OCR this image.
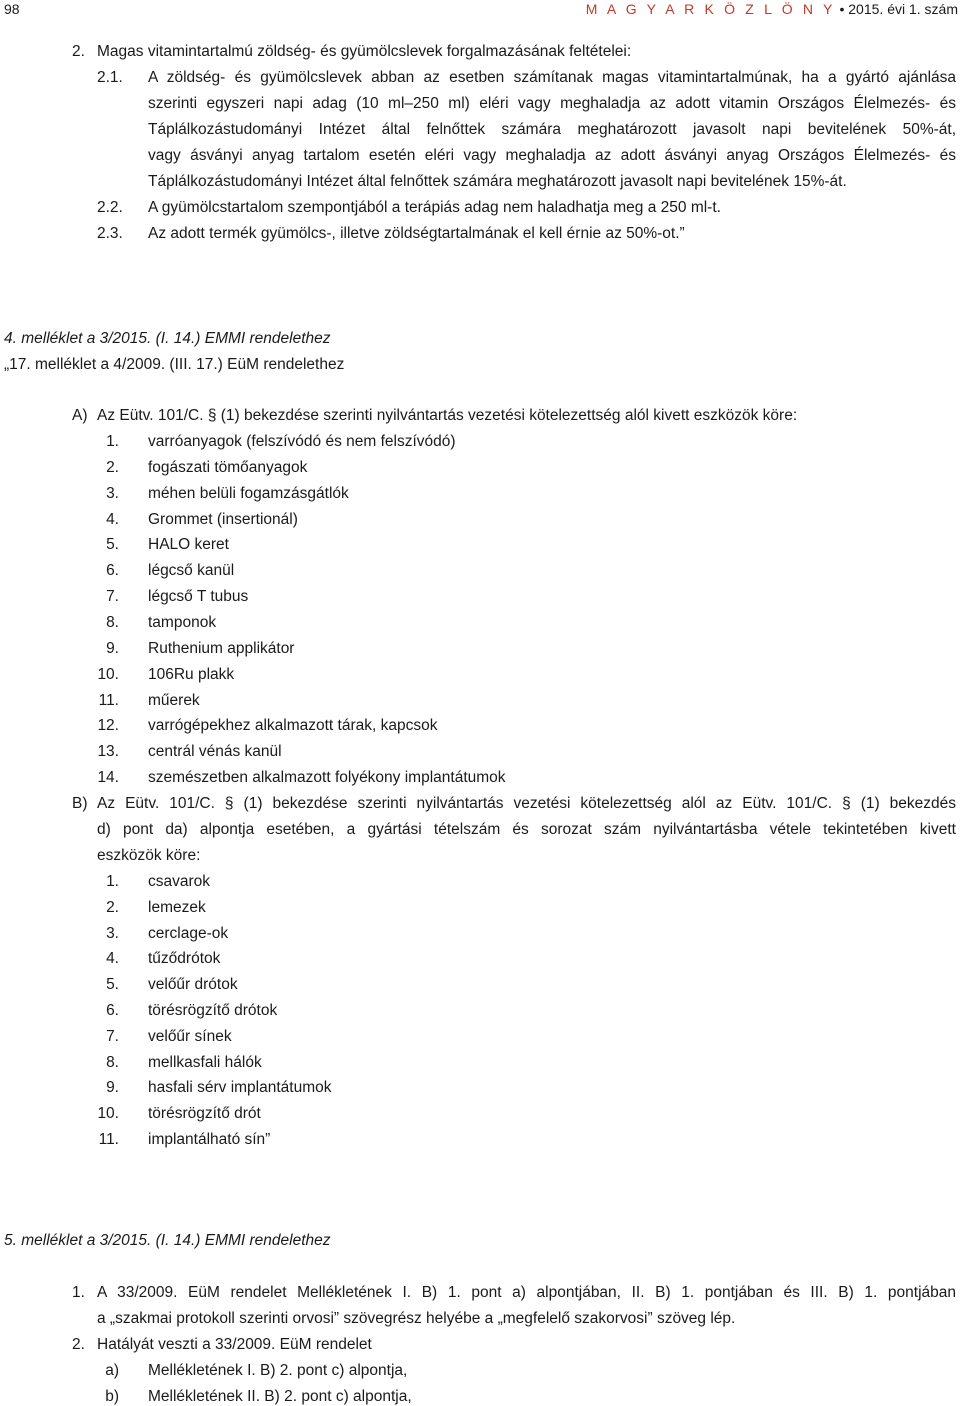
98	M A G Y A R K Ö Z L Ö N Y • 2015. évi 1. szám
2. Magas vitamintartalmú zöldség- és gyümölcslevek forgalmazásának feltételei:
2.1. A zöldség- és gyümölcslevek abban az esetben számítanak magas vitamintartalmúnak, ha a gyártó ajánlása
szerinti egyszeri napi adag (10 ml–250 ml) eléri vagy meghaladja az adott vitamin Országos Élelmezés- és
Táplálkozástudományi Intézet által felnőttek számára meghatározott javasolt napi bevitelének 50%-át,
vagy ásványi anyag tartalom esetén eléri vagy meghaladja az adott ásványi anyag Országos Élelmezés- és
Táplálkozástudományi Intézet által felnőttek számára meghatározott javasolt napi bevitelének 15%-át.
2.2. A gyümölcstartalom szempontjából a terápiás adag nem haladhatja meg a 250 ml-t.
2.3. Az adott termék gyümölcs-, illetve zöldségtartalmának el kell érnie az 50%-ot.”
4. melléklet a 3/2015. (I. 14.) EMMI rendelethez
„17. melléklet a 4/2009. (III. 17.) EüM rendelethez
A) Az Eütv. 101/C. § (1) bekezdése szerinti nyilvántartás vezetési kötelezettség alól kivett eszközök köre:
1. varróanyagok (felszívódó és nem felszívódó)
2. fogászati tömőanyagok
3. méhen belüli fogamzásgátlók
4. Grommet (insertionál)
5. HALO keret
6. légcső kanül
7. légcső T tubus
8. tamponok
9. Ruthenium applikátor
10. 106Ru plakk
11. műerek
12. varrógépekhez alkalmazott tárak, kapcsok
13. centrál vénás kanül
14. szemészetben alkalmazott folyékony implantátumok
B) Az Eütv. 101/C. § (1) bekezdése szerinti nyilvántartás vezetési kötelezettség alól az Eütv. 101/C. § (1) bekezdés
d) pont da) alpontja esetében, a gyártási tételszám és sorozat szám nyilvántartásba vétele tekintetében kivett
eszközök köre:
1. csavarok
2. lemezek
3. cerclage-ok
4. tűződrótok
5. velőűr drótok
6. törésrögzítő drótok
7. velőűr sínek
8. mellkasfali hálók
9. hasfali sérv implantátumok
10. törésrögzítő drót
11. implantálható sín”
5. melléklet a 3/2015. (I. 14.) EMMI rendelethez
1. A 33/2009. EüM rendelet Mellékletének I. B) 1. pont a) alpontjában, II. B) 1. pontjában és III. B) 1. pontjában
a „szakmai protokoll szerinti orvosi” szövegrész helyébe a „megfelelő szakorvosi” szöveg lép.
2. Hatályát veszti a 33/2009. EüM rendelet
a) Mellékletének I. B) 2. pont c) alpontja,
b) Mellékletének II. B) 2. pont c) alpontja,
